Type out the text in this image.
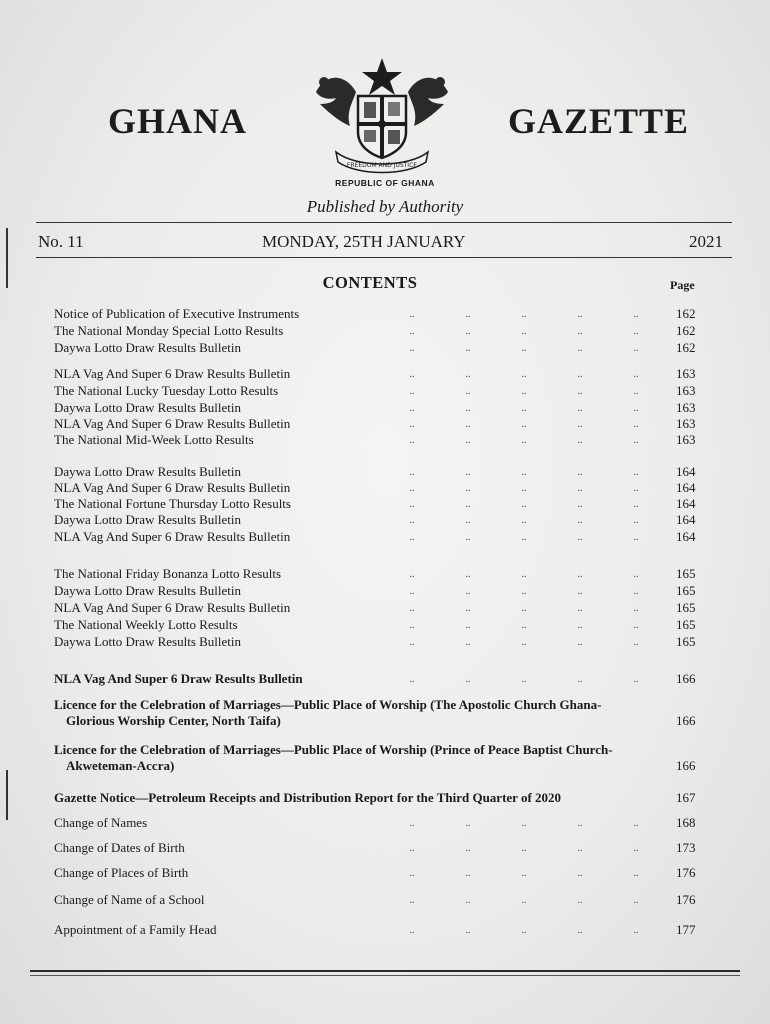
GHANA
FREEDOM AND JUSTICE
GAZETTE
REPUBLIC OF GHANA
Published by Authority
No. 11	MONDAY, 25TH JANUARY	2021
CONTENTS	Page
Notice of Publication of Executive Instruments	..	..	..	..	..	162
The National Monday Special Lotto Results	..	..	..	..	..	162
Daywa Lotto Draw Results Bulletin	..	..	..	..	..	162
NLA Vag And Super 6 Draw Results Bulletin	..	..	..	..	..	163
The National Lucky Tuesday Lotto Results	..	..	..	..	..	163
Daywa Lotto Draw Results Bulletin	..	..	..	..	..	163
NLA Vag And Super 6 Draw Results Bulletin	..	..	..	..	..	163
The National Mid-Week Lotto Results	..	..	..	..	..	163
Daywa Lotto Draw Results Bulletin	..	..	..	..	..	164
NLA Vag And Super 6 Draw Results Bulletin	..	..	..	..	..	164
The National Fortune Thursday Lotto Results	..	..	..	..	..	164
Daywa Lotto Draw Results Bulletin	..	..	..	..	..	164
NLA Vag And Super 6 Draw Results Bulletin	..	..	..	..	..	164
The National Friday Bonanza Lotto Results	..	..	..	..	..	165
Daywa Lotto Draw Results Bulletin	..	..	..	..	..	165
NLA Vag And Super 6 Draw Results Bulletin	..	..	..	..	..	165
The National Weekly Lotto Results	..	..	..	..	..	165
Daywa Lotto Draw Results Bulletin	..	..	..	..	..	165
NLA Vag And Super 6 Draw Results Bulletin	..	..	..	..	..	166
Licence for the Celebration of Marriages—Public Place of Worship (The Apostolic Church Ghana-
Glorious Worship Center, North Taifa)	166
Licence for the Celebration of Marriages—Public Place of Worship (Prince of Peace Baptist Church-
Akweteman-Accra)	166
Gazette Notice—Petroleum Receipts and Distribution Report for the Third Quarter of 2020	167
Change of Names	..	..	..	..	..	168
Change of Dates of Birth	..	..	..	..	..	173
Change of Places of Birth	..	..	..	..	..	176
Change of Name of a School	..	..	..	..	..	176
Appointment of a Family Head	..	..	..	..	..	177
